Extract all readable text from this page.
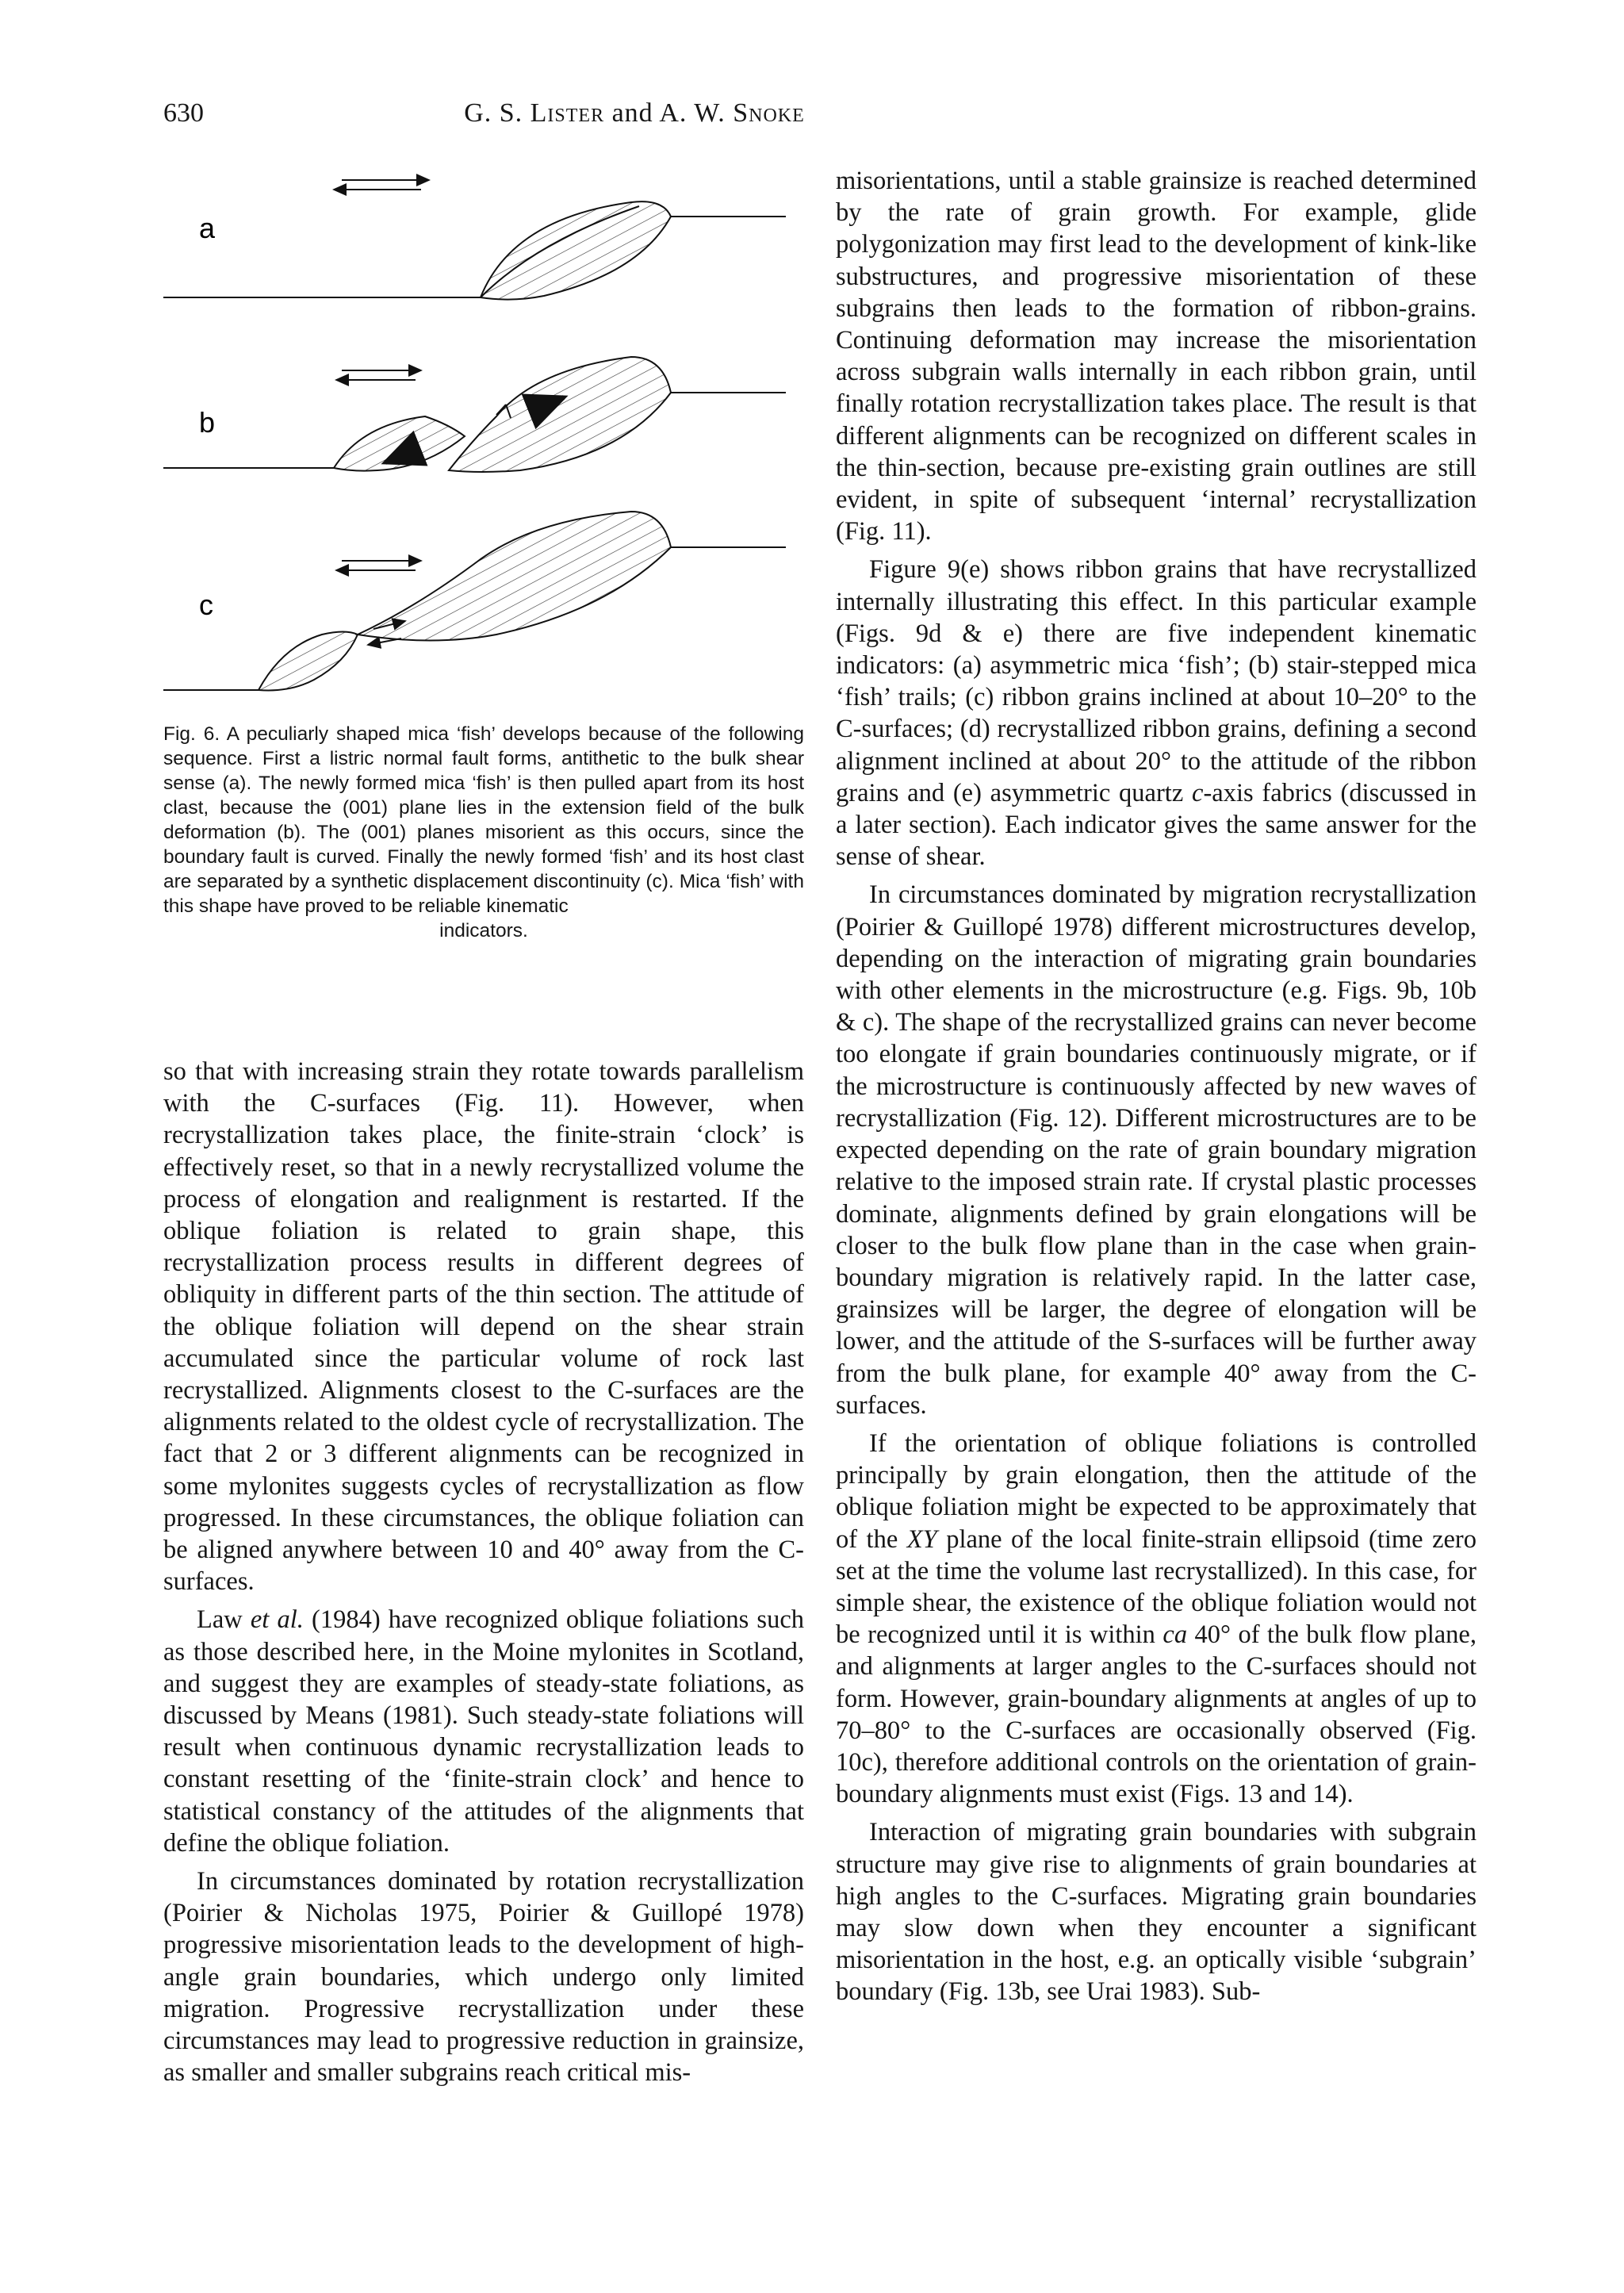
630	G. S. Lister and A. W. Snoke
a
b
c

Fig. 6. A peculiarly shaped mica ‘fish’ develops because of the following sequence. First a listric normal fault forms, antithetic to the bulk shear sense (a). The newly formed mica ‘fish’ is then pulled apart from its host clast, because the (001) plane lies in the extension field of the bulk deformation (b). The (001) planes misorient as this occurs, since the boundary fault is curved. Finally the newly formed ‘fish’ and its host clast are separated by a synthetic displacement discontinuity (c). Mica ‘fish’ with this shape have proved to be reliable kinematic

indicators.

so that with increasing strain they rotate towards parallelism with the C-surfaces (Fig. 11). However, when recrystallization takes place, the finite-strain ‘clock’ is effectively reset, so that in a newly recrystallized volume the process of elongation and realignment is restarted. If the oblique foliation is related to grain shape, this recrystallization process results in different degrees of obliquity in different parts of the thin section. The attitude of the oblique foliation will depend on the shear strain accumulated since the particular volume of rock last recrystallized. Alignments closest to the C-surfaces are the alignments related to the oldest cycle of recrystallization. The fact that 2 or 3 different alignments can be recognized in some mylonites suggests cycles of recrystallization as flow progressed. In these circumstances, the oblique foliation can be aligned anywhere between 10 and 40° away from the C-surfaces.

Law et al. (1984) have recognized oblique foliations such as those described here, in the Moine mylonites in Scotland, and suggest they are examples of steady-state foliations, as discussed by Means (1981). Such steady-state foliations will result when continuous dynamic recrystallization leads to constant resetting of the ‘finite-strain clock’ and hence to statistical constancy of the attitudes of the alignments that define the oblique foliation.

In circumstances dominated by rotation recrystallization (Poirier & Nicholas 1975, Poirier & Guillopé 1978) progressive misorientation leads to the development of high-angle grain boundaries, which undergo only limited migration. Progressive recrystallization under these circumstances may lead to progressive reduction in grainsize, as smaller and smaller subgrains reach critical mis-

misorientations, until a stable grainsize is reached determined by the rate of grain growth. For example, glide polygonization may first lead to the development of kink-like substructures, and progressive misorientation of these subgrains then leads to the formation of ribbon-grains. Continuing deformation may increase the misorientation across subgrain walls internally in each ribbon grain, until finally rotation recrystallization takes place. The result is that different alignments can be recognized on different scales in the thin-section, because pre-existing grain outlines are still evident, in spite of subsequent ‘internal’ recrystallization (Fig. 11).

Figure 9(e) shows ribbon grains that have recrystallized internally illustrating this effect. In this particular example (Figs. 9d & e) there are five independent kinematic indicators: (a) asymmetric mica ‘fish’; (b) stair-stepped mica ‘fish’ trails; (c) ribbon grains inclined at about 10–20° to the C-surfaces; (d) recrystallized ribbon grains, defining a second alignment inclined at about 20° to the attitude of the ribbon grains and (e) asymmetric quartz c-axis fabrics (discussed in a later section). Each indicator gives the same answer for the sense of shear.

In circumstances dominated by migration recrystallization (Poirier & Guillopé 1978) different microstructures develop, depending on the interaction of migrating grain boundaries with other elements in the microstructure (e.g. Figs. 9b, 10b & c). The shape of the recrystallized grains can never become too elongate if grain boundaries continuously migrate, or if the microstructure is continuously affected by new waves of recrystallization (Fig. 12). Different microstructures are to be expected depending on the rate of grain boundary migration relative to the imposed strain rate. If crystal plastic processes dominate, alignments defined by grain elongations will be closer to the bulk flow plane than in the case when grain-boundary migration is relatively rapid. In the latter case, grainsizes will be larger, the degree of elongation will be lower, and the attitude of the S-surfaces will be further away from the bulk plane, for example 40° away from the C-surfaces.

If the orientation of oblique foliations is controlled principally by grain elongation, then the attitude of the oblique foliation might be expected to be approximately that of the XY plane of the local finite-strain ellipsoid (time zero set at the time the volume last recrystallized). In this case, for simple shear, the existence of the oblique foliation would not be recognized until it is within ca 40° of the bulk flow plane, and alignments at larger angles to the C-surfaces should not form. However, grain-boundary alignments at angles of up to 70–80° to the C-surfaces are occasionally observed (Fig. 10c), therefore additional controls on the orientation of grain-boundary alignments must exist (Figs. 13 and 14).

Interaction of migrating grain boundaries with subgrain structure may give rise to alignments of grain boundaries at high angles to the C-surfaces. Migrating grain boundaries may slow down when they encounter a significant misorientation in the host, e.g. an optically visible ‘subgrain’ boundary (Fig. 13b, see Urai 1983). Sub-
